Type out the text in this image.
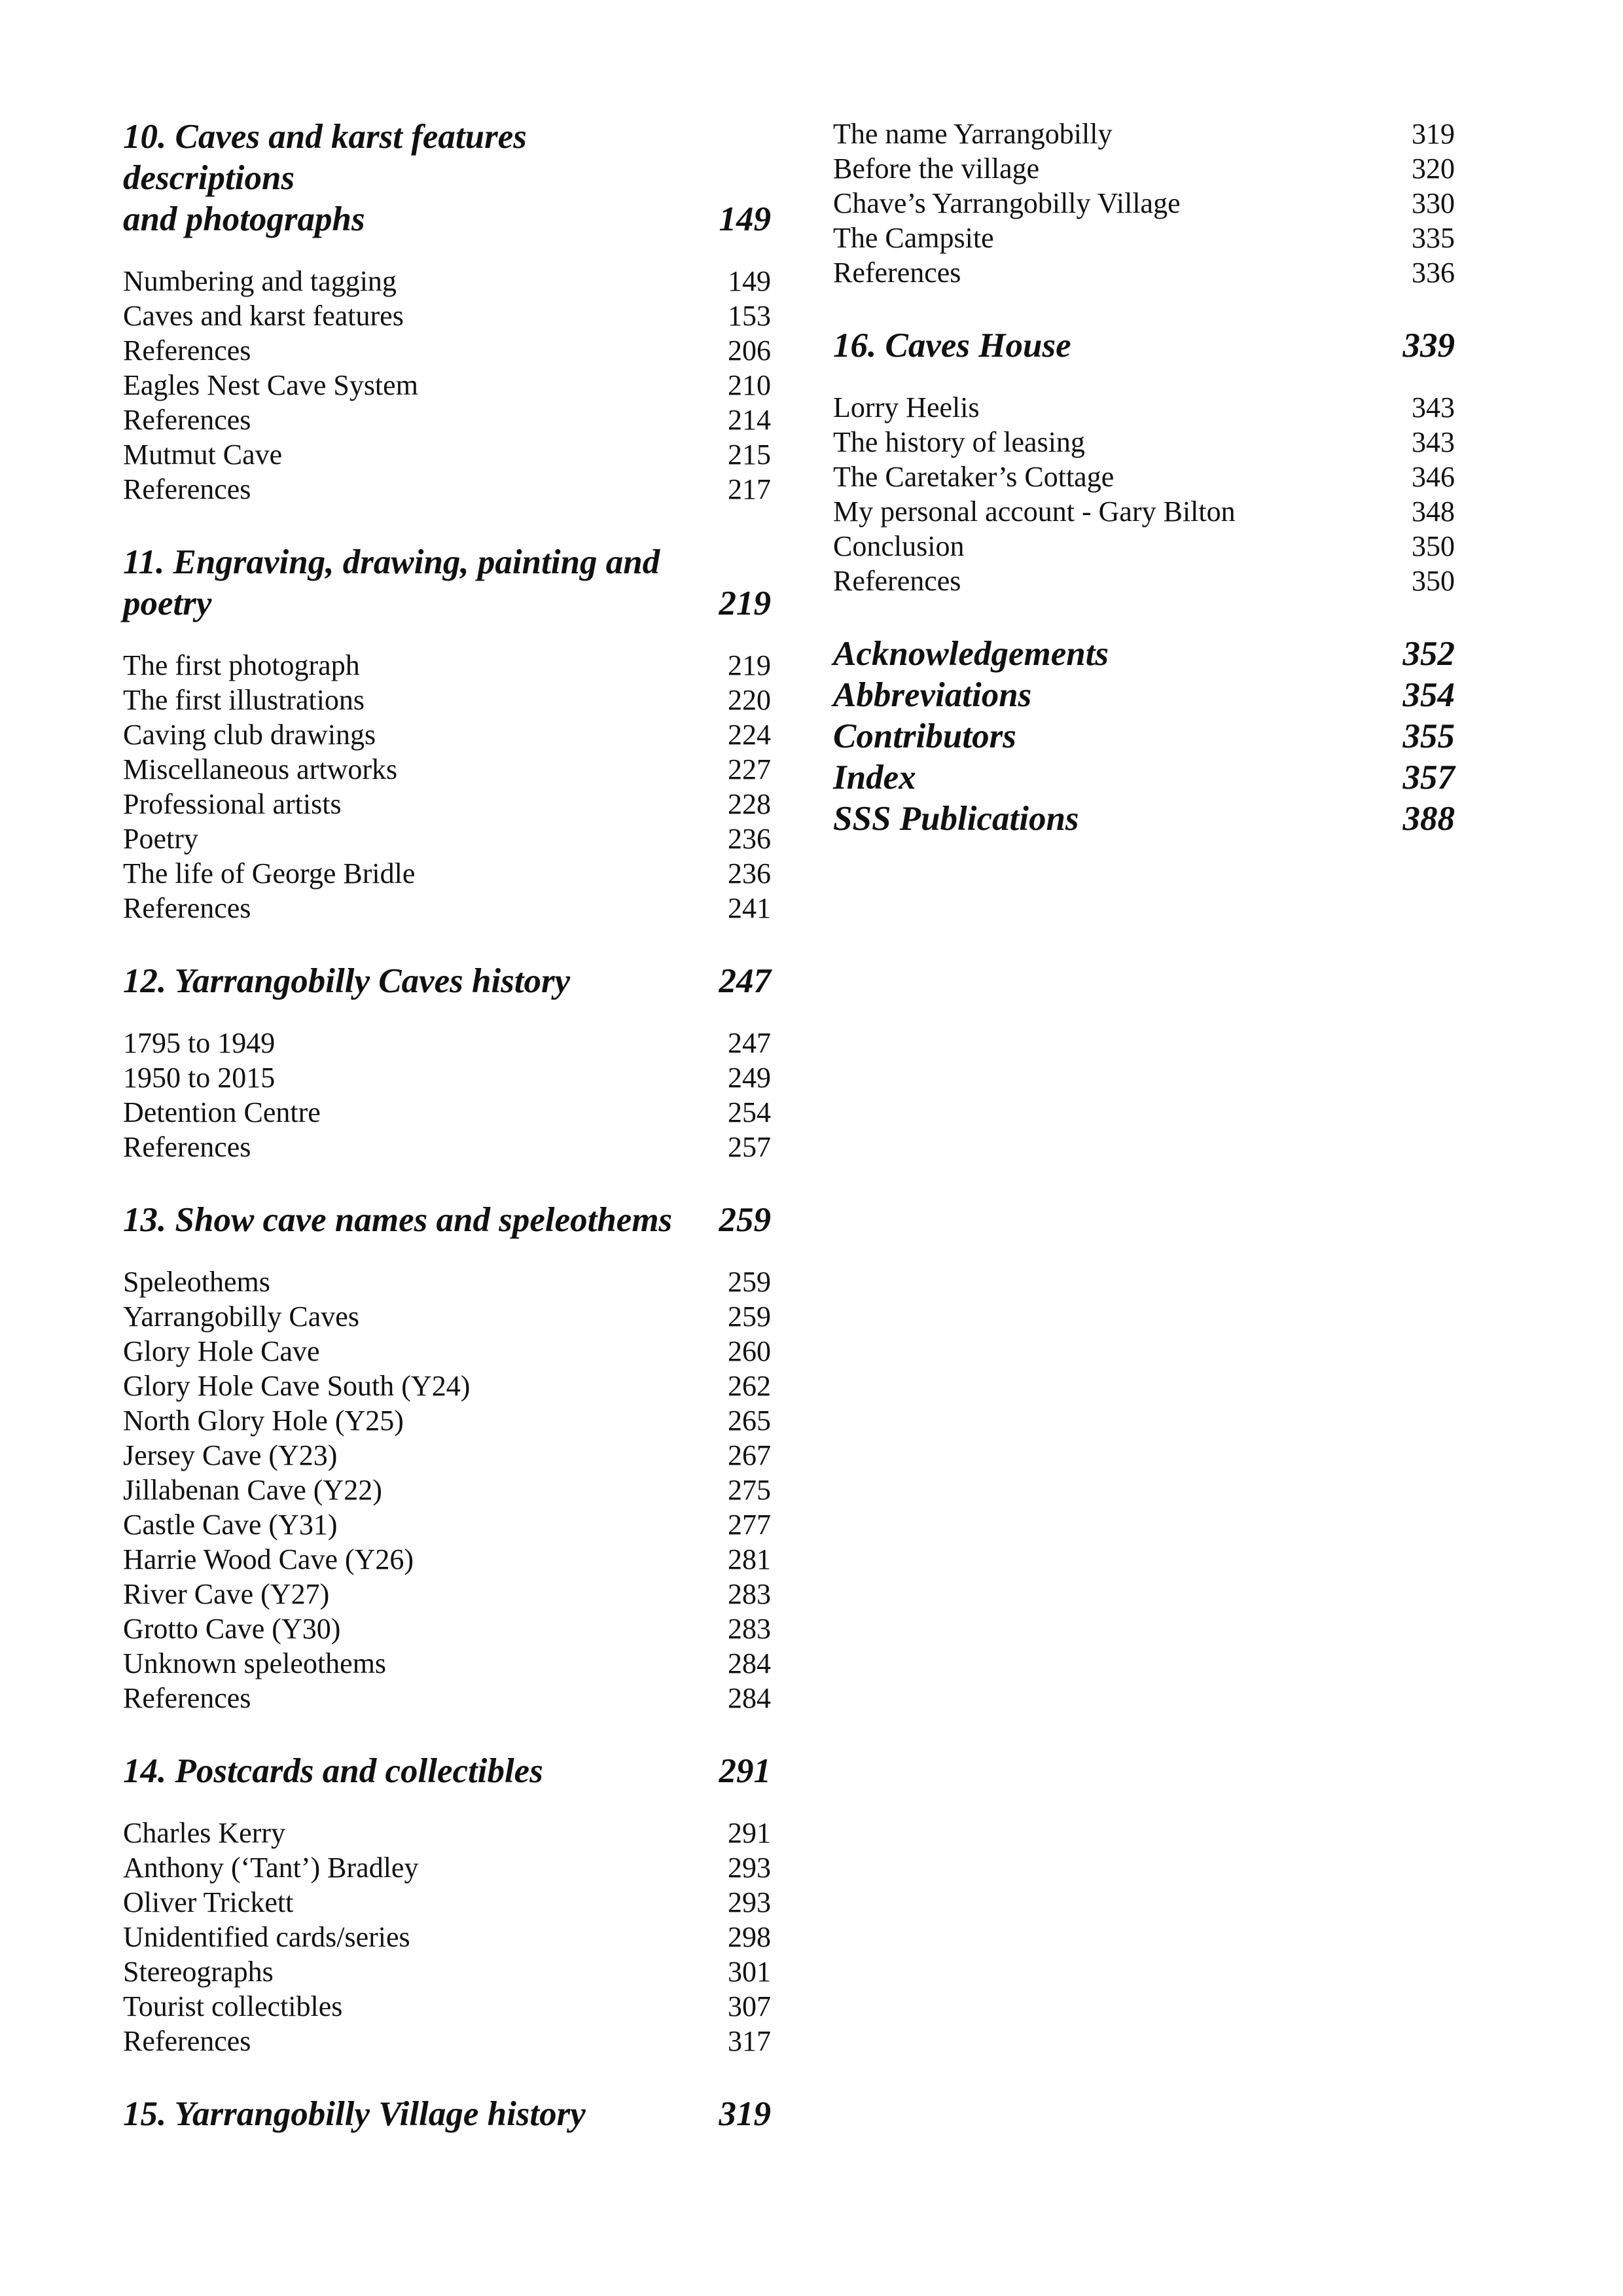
10. Caves and karst features descriptions
and photographs	149
Numbering and tagging	149
Caves and karst features	153
References	206
Eagles Nest Cave System	210
References	214
Mutmut Cave	215
References	217
11. Engraving, drawing, painting and
poetry	219
The first photograph	219
The first illustrations	220
Caving club drawings	224
Miscellaneous artworks	227
Professional artists	228
Poetry	236
The life of George Bridle	236
References	241
12. Yarrangobilly Caves history	247
1795 to 1949	247
1950 to 2015	249
Detention Centre	254
References	257
13. Show cave names and speleothems	259
Speleothems	259
Yarrangobilly Caves	259
Glory Hole Cave	260
Glory Hole Cave South (Y24)	262
North Glory Hole (Y25)	265
Jersey Cave (Y23)	267
Jillabenan Cave (Y22)	275
Castle Cave (Y31)	277
Harrie Wood Cave (Y26)	281
River Cave (Y27)	283
Grotto Cave (Y30)	283
Unknown speleothems	284
References	284
14. Postcards and collectibles	291
Charles Kerry	291
Anthony (‘Tant’) Bradley	293
Oliver Trickett	293
Unidentified cards/series	298
Stereographs	301
Tourist collectibles	307
References	317
15. Yarrangobilly Village history	319
The name Yarrangobilly	319
Before the village	320
Chave’s Yarrangobilly Village	330
The Campsite	335
References	336
16. Caves House	339
Lorry Heelis	343
The history of leasing	343
The Caretaker’s Cottage	346
My personal account - Gary Bilton	348
Conclusion	350
References	350
Acknowledgements	352
Abbreviations	354
Contributors	355
Index	357
SSS Publications	388
